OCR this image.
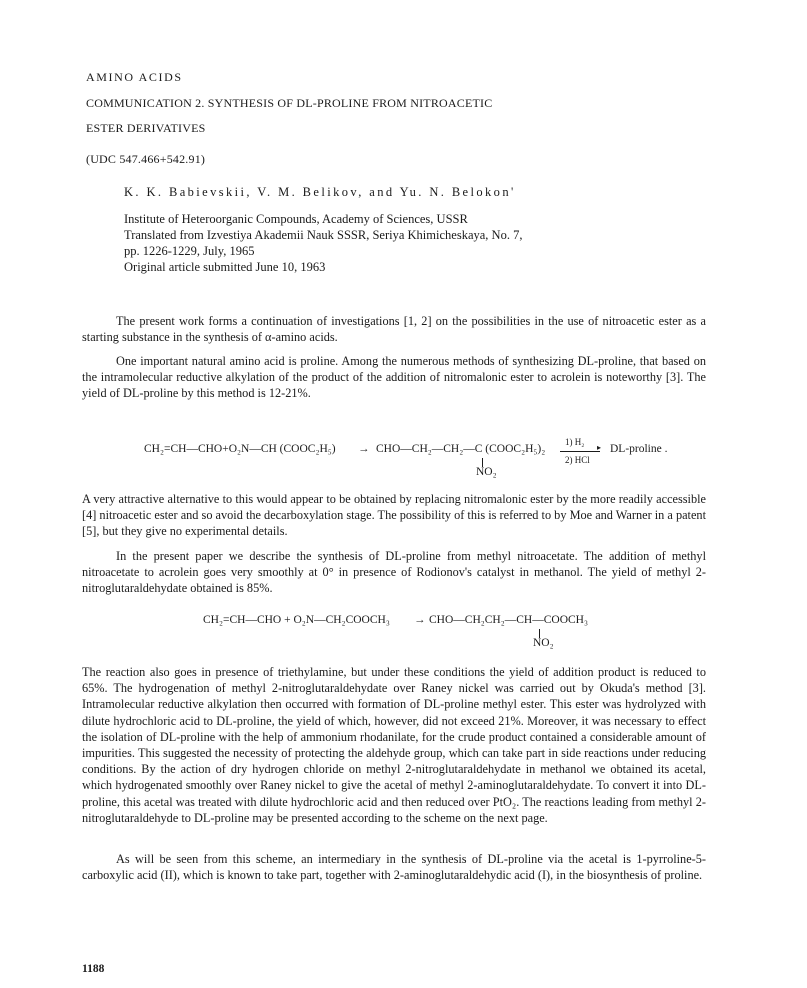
AMINO ACIDS
COMMUNICATION 2. SYNTHESIS OF DL-PROLINE FROM NITROACETIC
ESTER DERIVATIVES
(UDC 547.466+542.91)
K. K. Babievskii, V. M. Belikov, and Yu. N. Belokon'
Institute of Heteroorganic Compounds, Academy of Sciences, USSR
Translated from Izvestiya Akademii Nauk SSSR, Seriya Khimicheskaya, No. 7,
pp. 1226-1229, July, 1965
Original article submitted June 10, 1963
The present work forms a continuation of investigations [1, 2] on the possibilities in the use of nitroacetic ester as a starting substance in the synthesis of α-amino acids.
One important natural amino acid is proline. Among the numerous methods of synthesizing DL-proline, that based on the intramolecular reductive alkylation of the product of the addition of nitromalonic ester to acrolein is noteworthy [3]. The yield of DL-proline by this method is 12-21%.
CH₂=CH—CHO+O₂N—CH (COOC₂H₅) → CHO—CH₂—CH₂—C (COOC₂H₅)₂
NO₂
1) H₂
▸
2) HCl
DL-proline .
A very attractive alternative to this would appear to be obtained by replacing nitromalonic ester by the more readily accessible [4] nitroacetic ester and so avoid the decarboxylation stage. The possibility of this is referred to by Moe and Warner in a patent [5], but they give no experimental details.
In the present paper we describe the synthesis of DL-proline from methyl nitroacetate. The addition of methyl nitroacetate to acrolein goes very smoothly at 0° in presence of Rodionov's catalyst in methanol. The yield of methyl 2-nitroglutaraldehydate obtained is 85%.
CH₂=CH—CHO + O₂N—CH₂COOCH₃ → CHO—CH₂CH₂—CH—COOCH₃
NO₂
The reaction also goes in presence of triethylamine, but under these conditions the yield of addition product is reduced to 65%. The hydrogenation of methyl 2-nitroglutaraldehydate over Raney nickel was carried out by Okuda's method [3]. Intramolecular reductive alkylation then occurred with formation of DL-proline methyl ester. This ester was hydrolyzed with dilute hydrochloric acid to DL-proline, the yield of which, however, did not exceed 21%. Moreover, it was necessary to effect the isolation of DL-proline with the help of ammonium rhodanilate, for the crude product contained a considerable amount of impurities. This suggested the necessity of protecting the aldehyde group, which can take part in side reactions under reducing conditions. By the action of dry hydrogen chloride on methyl 2-nitroglutaraldehydate in methanol we obtained its acetal, which hydrogenated smoothly over Raney nickel to give the acetal of methyl 2-aminoglutaraldehydate. To convert it into DL-proline, this acetal was treated with dilute hydrochloric acid and then reduced over PtO₂. The reactions leading from methyl 2-nitroglutaraldehyde to DL-proline may be presented according to the scheme on the next page.
As will be seen from this scheme, an intermediary in the synthesis of DL-proline via the acetal is 1-pyrroline-5-carboxylic acid (II), which is known to take part, together with 2-aminoglutaraldehydic acid (I), in the biosynthesis of proline.
1188
